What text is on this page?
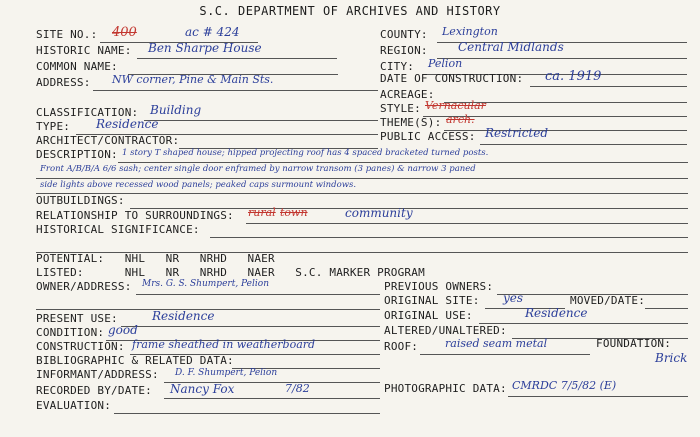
S.C. DEPARTMENT OF ARCHIVES AND HISTORY
SITE NO.: 400	ac # 424	COUNTY: Lexington
HISTORIC NAME: Ben Sharpe House	REGION:	Central Midlands
COMMON NAME:	CITY: Pelion
ADDRESS: NW corner, Pine & Main Sts.	DATE OF CONSTRUCTION: ca. 1919
ACREAGE:
CLASSIFICATION: Building	STYLE: Vernacular
TYPE: Residence	THEME(S): arch.
ARCHITECT/CONTRACTOR:	PUBLIC ACCESS: Restricted
DESCRIPTION: 1 story T shaped house; hipped projecting roof has 4 spaced bracketed turned posts.
Front A/B/B/A 6/6 sash; center single door enframed by narrow transom (3 panes) & narrow 3 paned
side lights above recessed wood panels; peaked caps surmount windows.
OUTBUILDINGS:
RELATIONSHIP TO SURROUNDINGS: rural town	community
HISTORICAL SIGNIFICANCE:
POTENTIAL:   NHL   NR   NRHD   NAER
LISTED:      NHL   NR   NRHD   NAER   S.C. MARKER PROGRAM
OWNER/ADDRESS: Mrs. G. S. Shumpert, Pelion	PREVIOUS OWNERS:
ORIGINAL SITE: yes	MOVED/DATE:
PRESENT USE:	Residence	ORIGINAL USE:	Residence
CONDITION: good	ALTERED/UNALTERED:
CONSTRUCTION: frame sheathed in weatherboard	ROOF: raised seam metal	FOUNDATION:
Brick
BIBLIOGRAPHIC & RELATED DATA:
INFORMANT/ADDRESS: D. F. Shumpert, Pelion
RECORDED BY/DATE: Nancy Fox	7/82	PHOTOGRAPHIC DATA: CMRDC 7/5/82 (E)
EVALUATION:
